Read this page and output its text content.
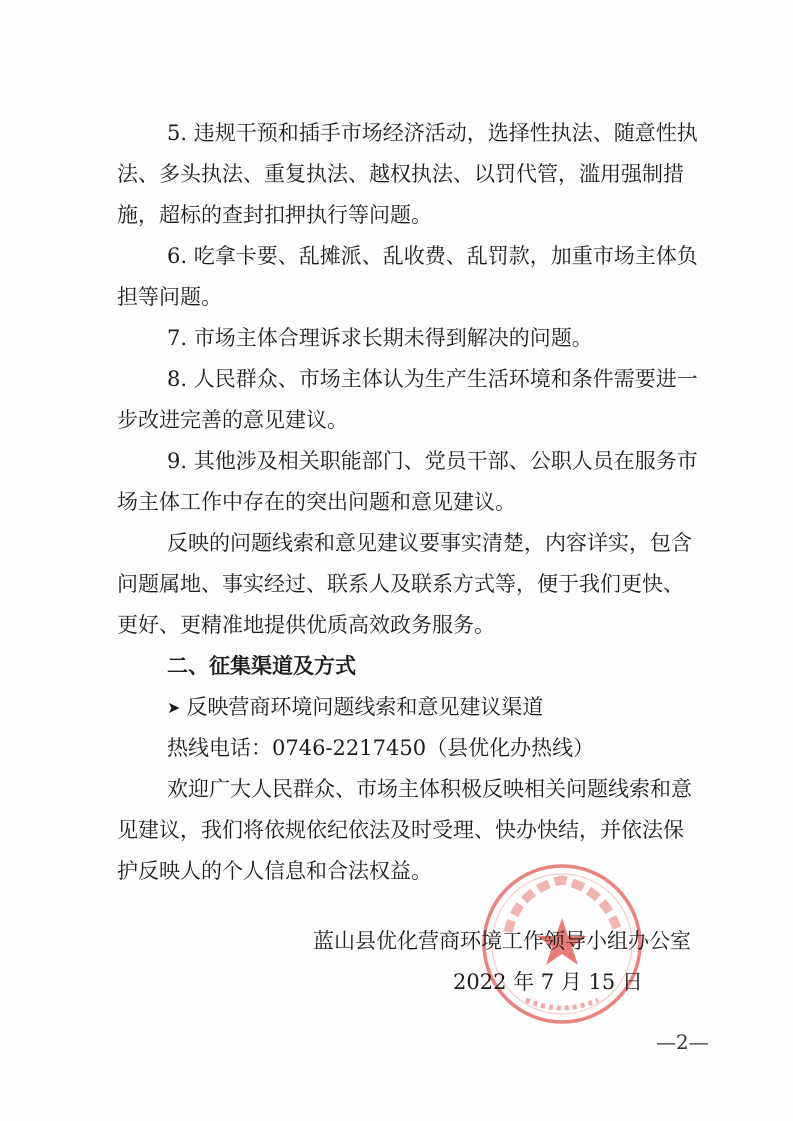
5. 违规干预和插手市场经济活动，选择性执法、随意性执
法、多头执法、重复执法、越权执法、以罚代管，滥用强制措
施，超标的查封扣押执行等问题。
6. 吃拿卡要、乱摊派、乱收费、乱罚款，加重市场主体负
担等问题。
7. 市场主体合理诉求长期未得到解决的问题。
8. 人民群众、市场主体认为生产生活环境和条件需要进一
步改进完善的意见建议。
9. 其他涉及相关职能部门、党员干部、公职人员在服务市
场主体工作中存在的突出问题和意见建议。
反映的问题线索和意见建议要事实清楚，内容详实，包含
问题属地、事实经过、联系人及联系方式等，便于我们更快、
更好、更精准地提供优质高效政务服务。
二、征集渠道及方式
➤ 反映营商环境问题线索和意见建议渠道
热线电话：0746-2217450（县优化办热线）
欢迎广大人民群众、市场主体积极反映相关问题线索和意
见建议，我们将依规依纪依法及时受理、快办快结，并依法保
护反映人的个人信息和合法权益。
蓝山县优化营商环境工作领导小组办公室
2022 年 7 月 15 日
—2—
